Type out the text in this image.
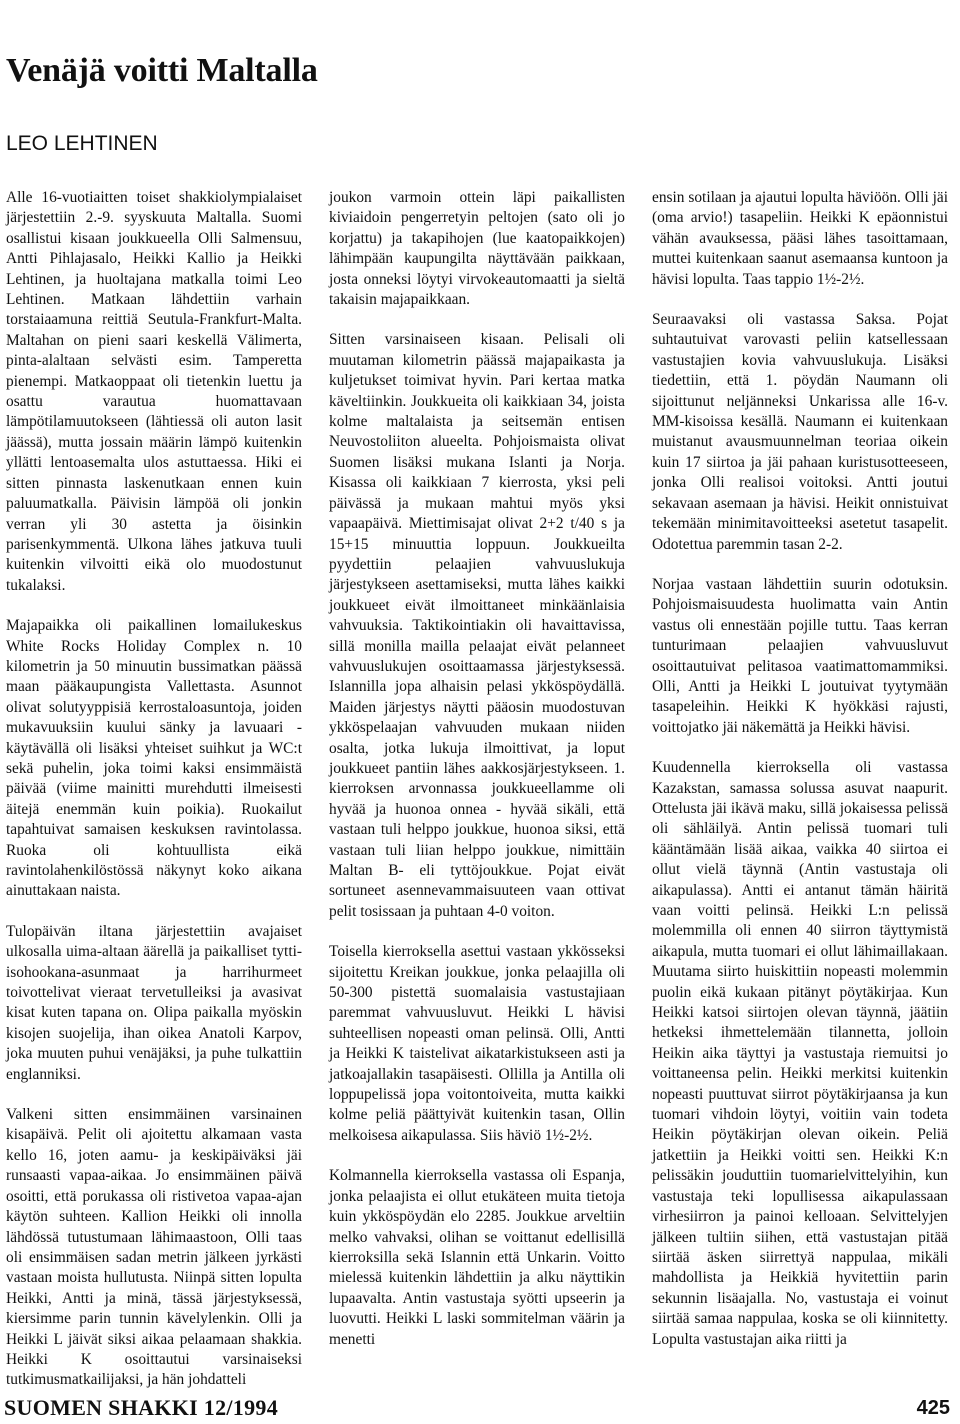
Venäjä voitti Maltalla
LEO LEHTINEN

Alle 16-vuotiaitten toiset shakkiolympialaiset järjestettiin 2.-9. syyskuuta Maltalla. Suomi osallistui kisaan joukkueella Olli Salmensuu, Antti Pihlajasalo, Heikki Kallio ja Heikki Lehtinen, ja huoltajana matkalla toimi Leo Lehtinen. Matkaan lähdettiin varhain torstaiaamuna reittiä Seutula-Frankfurt-Malta. Maltahan on pieni saari keskellä Välimerta, pinta-alaltaan selvästi esim. Tamperetta pienempi. Matkaoppaat oli tietenkin luettu ja osattu varautua huomattavaan lämpötilamuutokseen (lähtiessä oli auton lasit jäässä), mutta jossain määrin lämpö kuitenkin yllätti lentoasemalta ulos astuttaessa. Hiki ei sitten pinnasta laskenutkaan ennen kuin paluumatkalla. Päivisin lämpöä oli jonkin verran yli 30 astetta ja öisinkin parisenkymmentä. Ulkona lähes jatkuva tuuli kuitenkin vilvoitti eikä olo muodostunut tukalaksi.

Majapaikka oli paikallinen lomailukeskus White Rocks Holiday Complex n. 10 kilometrin ja 50 minuutin bussimatkan päässä maan pääkaupungista Vallettasta. Asunnot olivat solutyyppisiä kerrostaloasuntoja, joiden mukavuuksiin kuului sänky ja lavuaari - käytävällä oli lisäksi yhteiset suihkut ja WC:t sekä puhelin, joka toimi kaksi ensimmäistä päivää (viime mainitti murehdutti ilmeisesti äitejä enemmän kuin poikia). Ruokailut tapahtuivat samaisen keskuksen ravintolassa. Ruoka oli kohtuullista eikä ravintolahenkilöstössä näkynyt koko aikana ainuttakaan naista.

Tulopäivän iltana järjestettiin avajaiset ulkosalla uima-altaan äärellä ja paikalliset tytti-isohookana-asunmaat ja harrihurmeet toivottelivat vieraat tervetulleiksi ja avasivat kisat kuten tapana on. Olipa paikalla myöskin kisojen suojelija, ihan oikea Anatoli Karpov, joka muuten puhui venäjäksi, ja puhe tulkattiin englanniksi.

Valkeni sitten ensimmäinen varsinainen kisapäivä. Pelit oli ajoitettu alkamaan vasta kello 16, joten aamu- ja keskipäiväksi jäi runsaasti vapaa-aikaa. Jo ensimmäinen päivä osoitti, että porukassa oli ristivetoa vapaa-ajan käytön suhteen. Kallion Heikki oli innolla lähdössä tutustumaan lähimaastoon, Olli taas oli ensimmäisen sadan metrin jälkeen jyrkästi vastaan moista hullutusta. Niinpä sitten lopulta Heikki, Antti ja minä, tässä järjestyksessä, kiersimme parin tunnin kävelylenkin. Olli ja Heikki L jäivät siksi aikaa pelaamaan shakkia. Heikki K osoittautui varsinaiseksi tutkimusmatkailijaksi, ja hän johdatteli

joukon varmoin ottein läpi paikallisten kiviaidoin pengerretyin peltojen (sato oli jo korjattu) ja takapihojen (lue kaatopaikkojen) lähimpään kaupungilta näyttävään paikkaan, josta onneksi löytyi virvokeautomaatti ja sieltä takaisin majapaikkaan.

Sitten varsinaiseen kisaan. Pelisali oli muutaman kilometrin päässä majapaikasta ja kuljetukset toimivat hyvin. Pari kertaa matka käveltiinkin. Joukkueita oli kaikkiaan 34, joista kolme maltalaista ja seitsemän entisen Neuvostoliiton alueelta. Pohjoismaista olivat Suomen lisäksi mukana Islanti ja Norja. Kisassa oli kaikkiaan 7 kierrosta, yksi peli päivässä ja mukaan mahtui myös yksi vapaapäivä. Miettimisajat olivat 2+2 t/40 s ja 15+15 minuuttia loppuun. Joukkueilta pyydettiin pelaajien vahvuuslukuja järjestykseen asettamiseksi, mutta lähes kaikki joukkueet eivät ilmoittaneet minkäänlaisia vahvuuksia. Taktikointiakin oli havaittavissa, sillä monilla mailla pelaajat eivät pelanneet vahvuuslukujen osoittaamassa järjestyksessä. Islannilla jopa alhaisin pelasi ykköspöydällä. Maiden järjestys näytti pääosin muodostuvan ykköspelaajan vahvuuden mukaan niiden osalta, jotka lukuja ilmoittivat, ja loput joukkueet pantiin lähes aakkosjärjestykseen. 1. kierroksen arvonnassa joukkueellamme oli hyvää ja huonoa onnea - hyvää sikäli, että vastaan tuli helppo joukkue, huonoa siksi, että vastaan tuli liian helppo joukkue, nimittäin Maltan B- eli tyttöjoukkue. Pojat eivät sortuneet asennevammaisuuteen vaan ottivat pelit tosissaan ja puhtaan 4-0 voiton.

Toisella kierroksella asettui vastaan ykkösseksi sijoitettu Kreikan joukkue, jonka pelaajilla oli 50-300 pistettä suomalaisia vastustajiaan paremmat vahvuusluvut. Heikki L hävisi suhteellisen nopeasti oman pelinsä. Olli, Antti ja Heikki K taistelivat aikatarkistukseen asti ja jatkoajallakin tasapäisesti. Ollilla ja Antilla oli loppupelissä jopa voitontoiveita, mutta kaikki kolme peliä päättyivät kuitenkin tasan, Ollin melkoisesa aikapulassa. Siis häviö 1½-2½.

Kolmannella kierroksella vastassa oli Espanja, jonka pelaajista ei ollut etukäteen muita tietoja kuin ykköspöydän elo 2285. Joukkue arveltiin melko vahvaksi, olihan se voittanut edellisillä kierroksilla sekä Islannin että Unkarin. Voitto mielessä kuitenkin lähdettiin ja alku näyttikin lupaavalta. Antin vastustaja syötti upseerin ja luovutti. Heikki L laski sommitelman väärin ja menetti

ensin sotilaan ja ajautui lopulta häviöön. Olli jäi (oma arvio!) tasapeliin. Heikki K epäonnistui vähän avauksessa, pääsi lähes tasoittamaan, muttei kuitenkaan saanut asemaansa kuntoon ja hävisi lopulta. Taas tappio 1½-2½.

Seuraavaksi oli vastassa Saksa. Pojat suhtautuivat varovasti peliin katsellessaan vastustajien kovia vahvuuslukuja. Lisäksi tiedettiin, että 1. pöydän Naumann oli sijoittunut neljänneksi Unkarissa alle 16-v. MM-kisoissa kesällä. Naumann ei kuitenkaan muistanut avausmuunnelman teoriaa oikein kuin 17 siirtoa ja jäi pahaan kuristusotteeseen, jonka Olli realisoi voitoksi. Antti joutui sekavaan asemaan ja hävisi. Heikit onnistuivat tekemään minimitavoitteeksi asetetut tasapelit. Odotettua paremmin tasan 2-2.

Norjaa vastaan lähdettiin suurin odotuksin. Pohjoismaisuudesta huolimatta vain Antin vastus oli ennestään pojille tuttu. Taas kerran tunturimaan pelaajien vahvuusluvut osoittautuivat pelitasoa vaatimattomammiksi. Olli, Antti ja Heikki L joutuivat tyytymään tasapeleihin. Heikki K hyökkäsi rajusti, voittojatko jäi näkemättä ja Heikki hävisi.

Kuudennella kierroksella oli vastassa Kazakstan, samassa solussa asuvat naapurit. Ottelusta jäi ikävä maku, sillä jokaisessa pelissä oli sähläilyä. Antin pelissä tuomari tuli kääntämään lisää aikaa, vaikka 40 siirtoa ei ollut vielä täynnä (Antin vastustaja oli aikapulassa). Antti ei antanut tämän häiritä vaan voitti pelinsä. Heikki L:n pelissä molemmilla oli ennen 40 siirron täyttymistä aikapula, mutta tuomari ei ollut lähimaillakaan. Muutama siirto huiskittiin nopeasti molemmin puolin eikä kukaan pitänyt pöytäkirjaa. Kun Heikki katsoi siirtojen olevan täynnä, jäätiin hetkeksi ihmettelemään tilannetta, jolloin Heikin aika täyttyi ja vastustaja riemuitsi jo voittaneensa pelin. Heikki merkitsi kuitenkin nopeasti puuttuvat siirrot pöytäkirjaansa ja kun tuomari vihdoin löytyi, voitiin vain todeta Heikin pöytäkirjan olevan oikein. Peliä jatkettiin ja Heikki voitti sen. Heikki K:n pelissäkin jouduttiin tuomarielvittelyihin, kun vastustaja teki lopullisessa aikapulassaan virhesiirron ja painoi kelloaan. Selvittelyjen jälkeen tultiin siihen, että vastustajan pitää siirtää äsken siirrettyä nappulaa, mikäli mahdollista ja Heikkiä hyvitettiin parin sekunnin lisäajalla. No, vastustaja ei voinut siirtää samaa nappulaa, koska se oli kiinnitetty. Lopulta vastustajan aika riitti ja

SUOMEN SHAKKI 12/1994	425
